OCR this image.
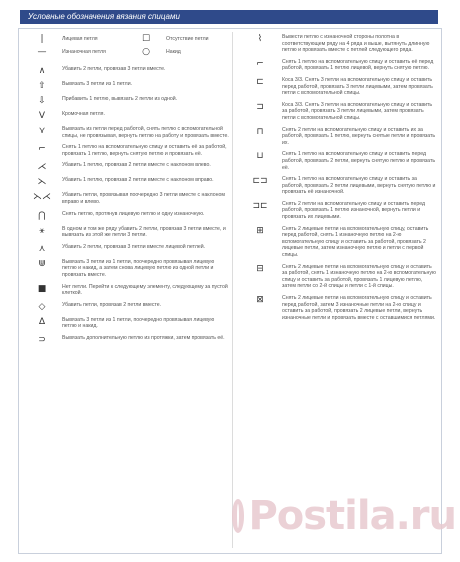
Условные обозначения вязания спицами
|	Лицевая петля	☐	Отсутствие петли
—	Изнаночная петля	○	Накид
∧	Убавить 2 петли, провязав 3 петли вместе.
⇧	Вывязать 3 петли из 1 петли.
⇩	Прибавить 1 петлю, вывязать 2 петли из одной.
V	Кромочная петля.
⋎	Вывязать из петли перед работой, снять петлю с вспомогательной спицы, не провязывая, вернуть петлю на работу и провязать вместе.
⌐	Снять 1 петлю на вспомогательную спицу и оставить её за работой, провязать 1 петлю, вернуть снятую петлю и провязать её.
⋌	Убавить 1 петлю, провязав 2 петли вместе с наклоном влево.
⋋	Убавить 1 петлю, провязав 2 петли вместе с наклоном вправо.
⋋⋌	Убавить петли, провязывая поочередно 3 петли вместе с наклоном вправо и влево.
⋂	Снять петлю, протянув лицевую петлю и одну изнаночную.
⚹	В одном и том же ряду убавить 2 петли, провязав 3 петли вместе, и вывязать из этой же петли 3 петли.
⋏	Убавить 2 петли, провязав 3 петли вместе лицевой петлей.
⋓	Вывязать 3 петли из 1 петли, поочередно провязывая лицевую петлю и накид, а затем снова лицевую петлю из одной петли и провязать вместе.
■	Нет петли. Перейти к следующему элементу, следующему за пустой клеткой.
◇	Убавить петли, провязав 2 петли вместе.
∆	Вывязать 3 петли из 1 петли, поочередно провязывая лицевую петлю и накид.
⊃	Вывязать дополнительную петлю из протяжки, затем провязать её.
⌇	Вывести петлю с изнаночной стороны полотна в соответствующем ряду на 4 ряда и выше, вытянуть длинную петлю и провязать вместе с петлей следующего ряда.
⌐	Снять 1 петлю на вспомогательную спицу и оставить её перед работой, провязать 1 петлю лицевой, вернуть снятую петлю.
⊏	Коса 3/3. Снять 3 петли на вспомогательную спицу и оставить перед работой, провязать 3 петли лицевыми, затем провязать петли с вспомогательной спицы.
⊐	Коса 3/3. Снять 3 петли на вспомогательную спицу и оставить за работой, провязать 3 петли лицевыми, затем провязать петли с вспомогательной спицы.
⊓	Снять 2 петли на вспомогательную спицу и оставить их за работой, провязать 1 петлю, вернуть снятые петли и провязать их.
⊔	Снять 1 петлю на вспомогательную спицу и оставить перед работой, провязать 2 петли, вернуть снятую петлю и провязать её.
⊏⊐	Снять 1 петлю на вспомогательную спицу и оставить за работой, провязать 2 петли лицевыми, вернуть снятую петлю и провязать её изнаночной.
⊐⊏	Снять 2 петли на вспомогательную спицу и оставить перед работой, провязать 1 петлю изнаночной, вернуть петли и провязать их лицевыми.
⊞	Снять 2 лицевые петли на вспомогательную спицу, оставить перед работой, снять 1 изнаночную петлю на 2-ю вспомогательную спицу и оставить за работой, провязать 2 лицевые петли, затем изнаночную петлю и петли с первой спицы.
⊟	Снять 2 лицевые петли на вспомогательную спицу и оставить за работой, снять 1 изнаночную петлю на 2-ю вспомогательную спицу и оставить за работой, провязать 1 лицевую петлю, затем петли со 2-й спицы и петли с 1-й спицы.
⊠	Снять 2 лицевые петли на вспомогательную спицу и оставить перед работой, затем 3 изнаночные петли на 2-ю спицу и оставить за работой, провязать 2 лицевые петли, вернуть изнаночные петли и провязать вместе с оставшимися петлями.
Postila.ru
